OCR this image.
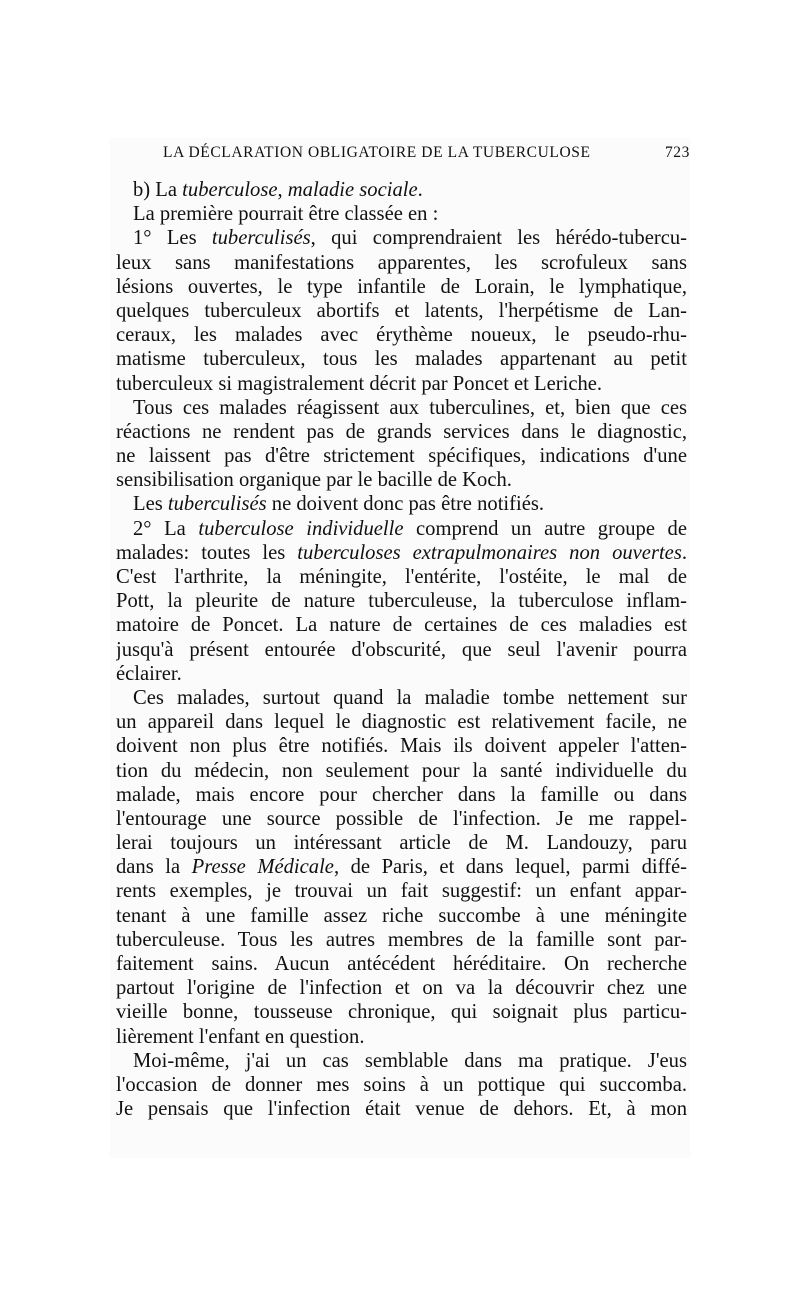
LA DÉCLARATION OBLIGATOIRE DE LA TUBERCULOSE	723
b) La tuberculose, maladie sociale.
La première pourrait être classée en :
1° Les tuberculisés, qui comprendraient les hérédo-tubercu-
leux sans manifestations apparentes, les scrofuleux sans
lésions ouvertes, le type infantile de Lorain, le lymphatique,
quelques tuberculeux abortifs et latents, l'herpétisme de Lan-
ceraux, les malades avec érythème noueux, le pseudo-rhu-
matisme tuberculeux, tous les malades appartenant au petit
tuberculeux si magistralement décrit par Poncet et Leriche.
Tous ces malades réagissent aux tuberculines, et, bien que ces
réactions ne rendent pas de grands services dans le diagnostic,
ne laissent pas d'être strictement spécifiques, indications d'une
sensibilisation organique par le bacille de Koch.
Les tuberculisés ne doivent donc pas être notifiés.
2° La tuberculose individuelle comprend un autre groupe de
malades: toutes les tuberculoses extrapulmonaires non ouvertes.
C'est l'arthrite, la méningite, l'entérite, l'ostéite, le mal de
Pott, la pleurite de nature tuberculeuse, la tuberculose inflam-
matoire de Poncet. La nature de certaines de ces maladies est
jusqu'à présent entourée d'obscurité, que seul l'avenir pourra
éclairer.
Ces malades, surtout quand la maladie tombe nettement sur
un appareil dans lequel le diagnostic est relativement facile, ne
doivent non plus être notifiés. Mais ils doivent appeler l'atten-
tion du médecin, non seulement pour la santé individuelle du
malade, mais encore pour chercher dans la famille ou dans
l'entourage une source possible de l'infection. Je me rappel-
lerai toujours un intéressant article de M. Landouzy, paru
dans la Presse Médicale, de Paris, et dans lequel, parmi diffé-
rents exemples, je trouvai un fait suggestif: un enfant appar-
tenant à une famille assez riche succombe à une méningite
tuberculeuse. Tous les autres membres de la famille sont par-
faitement sains. Aucun antécédent héréditaire. On recherche
partout l'origine de l'infection et on va la découvrir chez une
vieille bonne, tousseuse chronique, qui soignait plus particu-
lièrement l'enfant en question.
Moi-même, j'ai un cas semblable dans ma pratique. J'eus
l'occasion de donner mes soins à un pottique qui succomba.
Je pensais que l'infection était venue de dehors. Et, à mon
